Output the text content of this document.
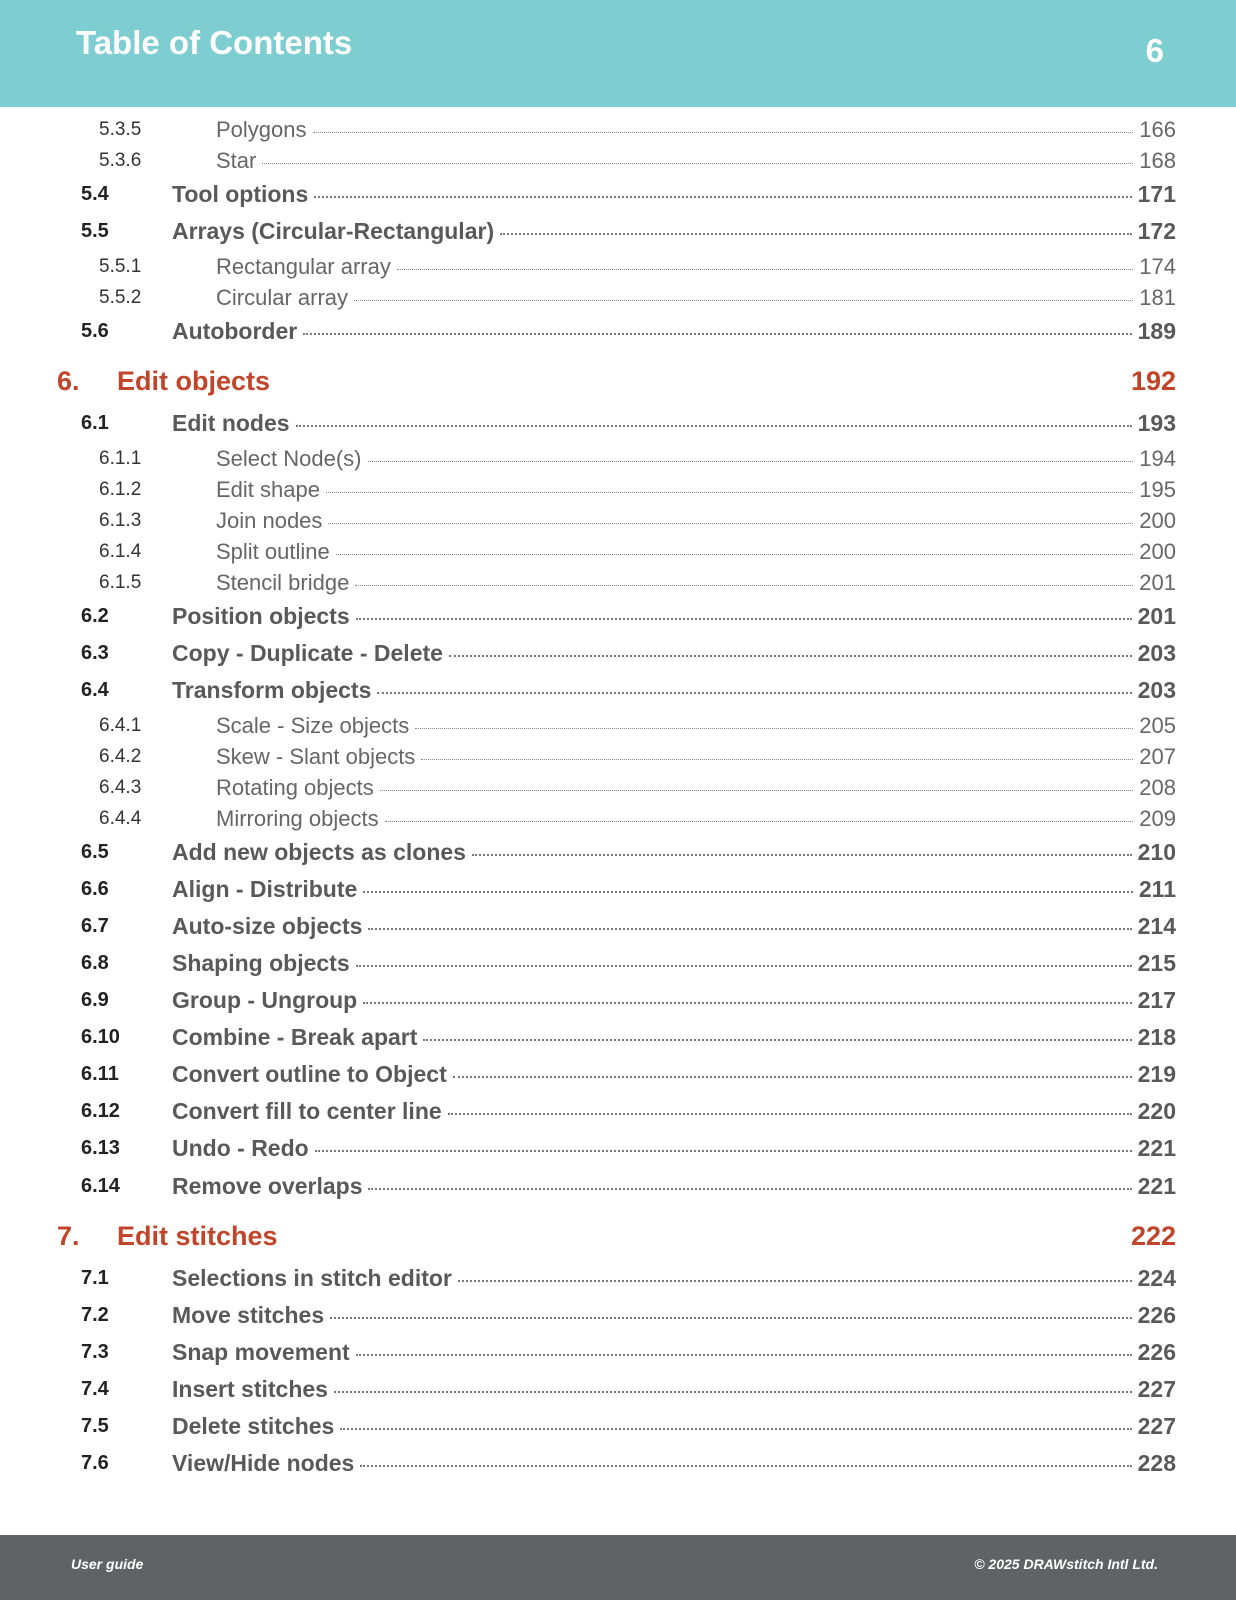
Table of Contents	6
5.3.5	Polygons	166
5.3.6	Star	168
5.4	Tool options	171
5.5	Arrays (Circular-Rectangular)	172
5.5.1	Rectangular array	174
5.5.2	Circular array	181
5.6	Autoborder	189
6. Edit objects	192
6.1	Edit nodes	193
6.1.1	Select Node(s)	194
6.1.2	Edit shape	195
6.1.3	Join nodes	200
6.1.4	Split outline	200
6.1.5	Stencil bridge	201
6.2	Position objects	201
6.3	Copy - Duplicate - Delete	203
6.4	Transform objects	203
6.4.1	Scale - Size objects	205
6.4.2	Skew - Slant objects	207
6.4.3	Rotating objects	208
6.4.4	Mirroring objects	209
6.5	Add new objects as clones	210
6.6	Align - Distribute	211
6.7	Auto-size objects	214
6.8	Shaping objects	215
6.9	Group - Ungroup	217
6.10 Combine - Break apart	218
6.11 Convert outline to Object	219
6.12 Convert fill to center line	220
6.13 Undo - Redo	221
6.14 Remove overlaps	221
7. Edit stitches	222
7.1	Selections in stitch editor	224
7.2	Move stitches	226
7.3	Snap movement	226
7.4	Insert stitches	227
7.5	Delete stitches	227
7.6	View/Hide nodes	228
User guide	© 2025 DRAWstitch Intl Ltd.
